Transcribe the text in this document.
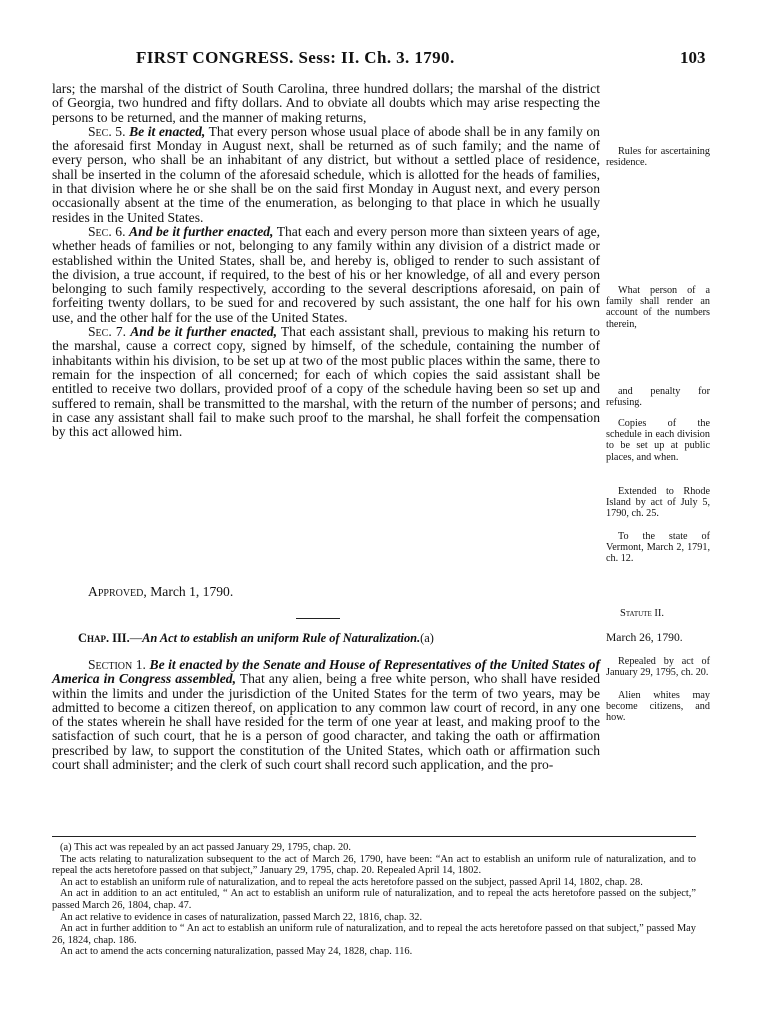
FIRST CONGRESS. Sess: II. Ch. 3. 1790.	103

lars; the marshal of the district of South Carolina, three hundred dollars; the marshal of the district of Georgia, two hundred and fifty dollars. And to obviate all doubts which may arise respecting the persons to be returned, and the manner of making returns,

Sec. 5. Be it enacted, That every person whose usual place of abode shall be in any family on the aforesaid first Monday in August next, shall be returned as of such family; and the name of every person, who shall be an inhabitant of any district, but without a settled place of residence, shall be inserted in the column of the aforesaid schedule, which is allotted for the heads of families, in that division where he or she shall be on the said first Monday in August next, and every person occasionally absent at the time of the enumeration, as belonging to that place in which he usually resides in the United States.

Sec. 6. And be it further enacted, That each and every person more than sixteen years of age, whether heads of families or not, belonging to any family within any division of a district made or established within the United States, shall be, and hereby is, obliged to render to such assistant of the division, a true account, if required, to the best of his or her knowledge, of all and every person belonging to such family respectively, according to the several descriptions aforesaid, on pain of forfeiting twenty dollars, to be sued for and recovered by such assistant, the one half for his own use, and the other half for the use of the United States.

Sec. 7. And be it further enacted, That each assistant shall, previous to making his return to the marshal, cause a correct copy, signed by himself, of the schedule, containing the number of inhabitants within his division, to be set up at two of the most public places within the same, there to remain for the inspection of all concerned; for each of which copies the said assistant shall be entitled to receive two dollars, provided proof of a copy of the schedule having been so set up and suffered to remain, shall be transmitted to the marshal, with the return of the number of persons; and in case any assistant shall fail to make such proof to the marshal, he shall forfeit the compensation by this act allowed him.

Approved, March 1, 1790.
Statute II.
Chap. III.—An Act to establish an uniform Rule of Naturalization.(a)	March 26, 1790.

Section 1. Be it enacted by the Senate and House of Representatives of the United States of America in Congress assembled, That any alien, being a free white person, who shall have resided within the limits and under the jurisdiction of the United States for the term of two years, may be admitted to become a citizen thereof, on application to any common law court of record, in any one of the states wherein he shall have resided for the term of one year at least, and making proof to the satisfaction of such court, that he is a person of good character, and taking the oath or affirmation prescribed by law, to support the constitution of the United States, which oath or affirmation such court shall administer; and the clerk of such court shall record such application, and the pro-

Rules for ascertaining residence.

What person of a family shall render an account of the numbers therein,

and penalty for refusing.

Copies of the schedule in each division to be set up at public places, and when.

Extended to Rhode Island by act of July 5, 1790, ch. 25.

To the state of Vermont, March 2, 1791, ch. 12.

Repealed by act of January 29, 1795, ch. 20.

Alien whites may become citizens, and how.

(a) This act was repealed by an act passed January 29, 1795, chap. 20.

The acts relating to naturalization subsequent to the act of March 26, 1790, have been: “An act to establish an uniform rule of naturalization, and to repeal the acts heretofore passed on that subject,” January 29, 1795, chap. 20. Repealed April 14, 1802.

An act to establish an uniform rule of naturalization, and to repeal the acts heretofore passed on the subject, passed April 14, 1802, chap. 28.

An act in addition to an act entituled, “ An act to establish an uniform rule of naturalization, and to repeal the acts heretofore passed on the subject,” passed March 26, 1804, chap. 47.

An act relative to evidence in cases of naturalization, passed March 22, 1816, chap. 32.

An act in further addition to “ An act to establish an uniform rule of naturalization, and to repeal the acts heretofore passed on that subject,” passed May 26, 1824, chap. 186.

An act to amend the acts concerning naturalization, passed May 24, 1828, chap. 116.
